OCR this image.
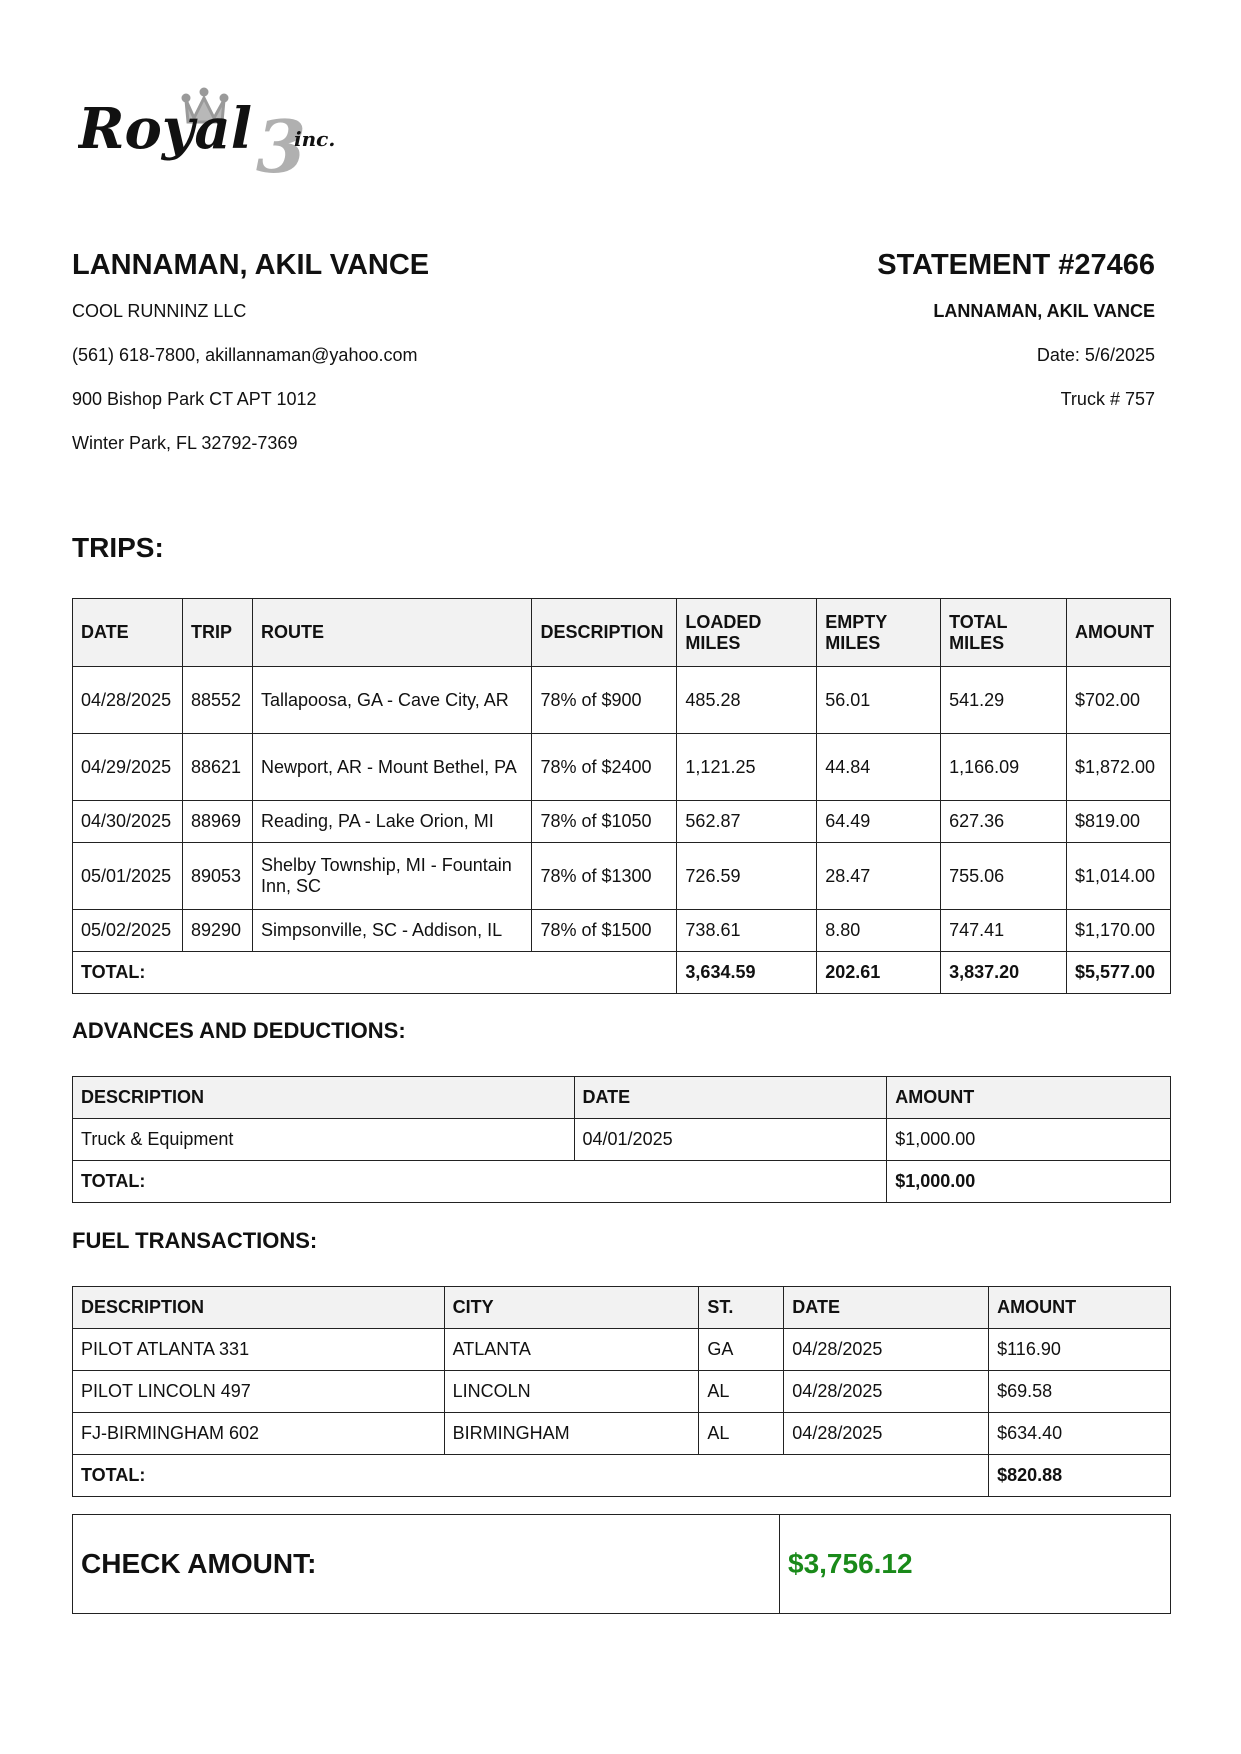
Royal 3
inc.
LANNAMAN, AKIL VANCE
COOL RUNNINZ LLC
(561) 618-7800, akillannaman@yahoo.com
900 Bishop Park CT APT 1012
Winter Park, FL 32792-7369
STATEMENT #27466
LANNAMAN, AKIL VANCE
Date: 5/6/2025
Truck # 757
TRIPS:
DATE	TRIP	ROUTE	DESCRIPTION	LOADED MILES	EMPTY MILES	TOTAL MILES	AMOUNT
04/28/2025	88552	Tallapoosa, GA - Cave City, AR	78% of $900	485.28	56.01	541.29	$702.00
04/29/2025	88621	Newport, AR - Mount Bethel, PA	78% of $2400	1,121.25	44.84	1,166.09	$1,872.00
04/30/2025	88969	Reading, PA - Lake Orion, MI	78% of $1050	562.87	64.49	627.36	$819.00
05/01/2025	89053	Shelby Township, MI - Fountain Inn, SC	78% of $1300	726.59	28.47	755.06	$1,014.00
05/02/2025	89290	Simpsonville, SC - Addison, IL	78% of $1500	738.61	8.80	747.41	$1,170.00
TOTAL:				3,634.59	202.61	3,837.20	$5,577.00
ADVANCES AND DEDUCTIONS:
DESCRIPTION	DATE	AMOUNT
Truck & Equipment	04/01/2025	$1,000.00
TOTAL:		$1,000.00
FUEL TRANSACTIONS:
DESCRIPTION	CITY	ST.	DATE	AMOUNT
PILOT ATLANTA 331	ATLANTA	GA	04/28/2025	$116.90
PILOT LINCOLN 497	LINCOLN	AL	04/28/2025	$69.58
FJ-BIRMINGHAM 602	BIRMINGHAM	AL	04/28/2025	$634.40
TOTAL:				$820.88
CHECK AMOUNT:	$3,756.12
